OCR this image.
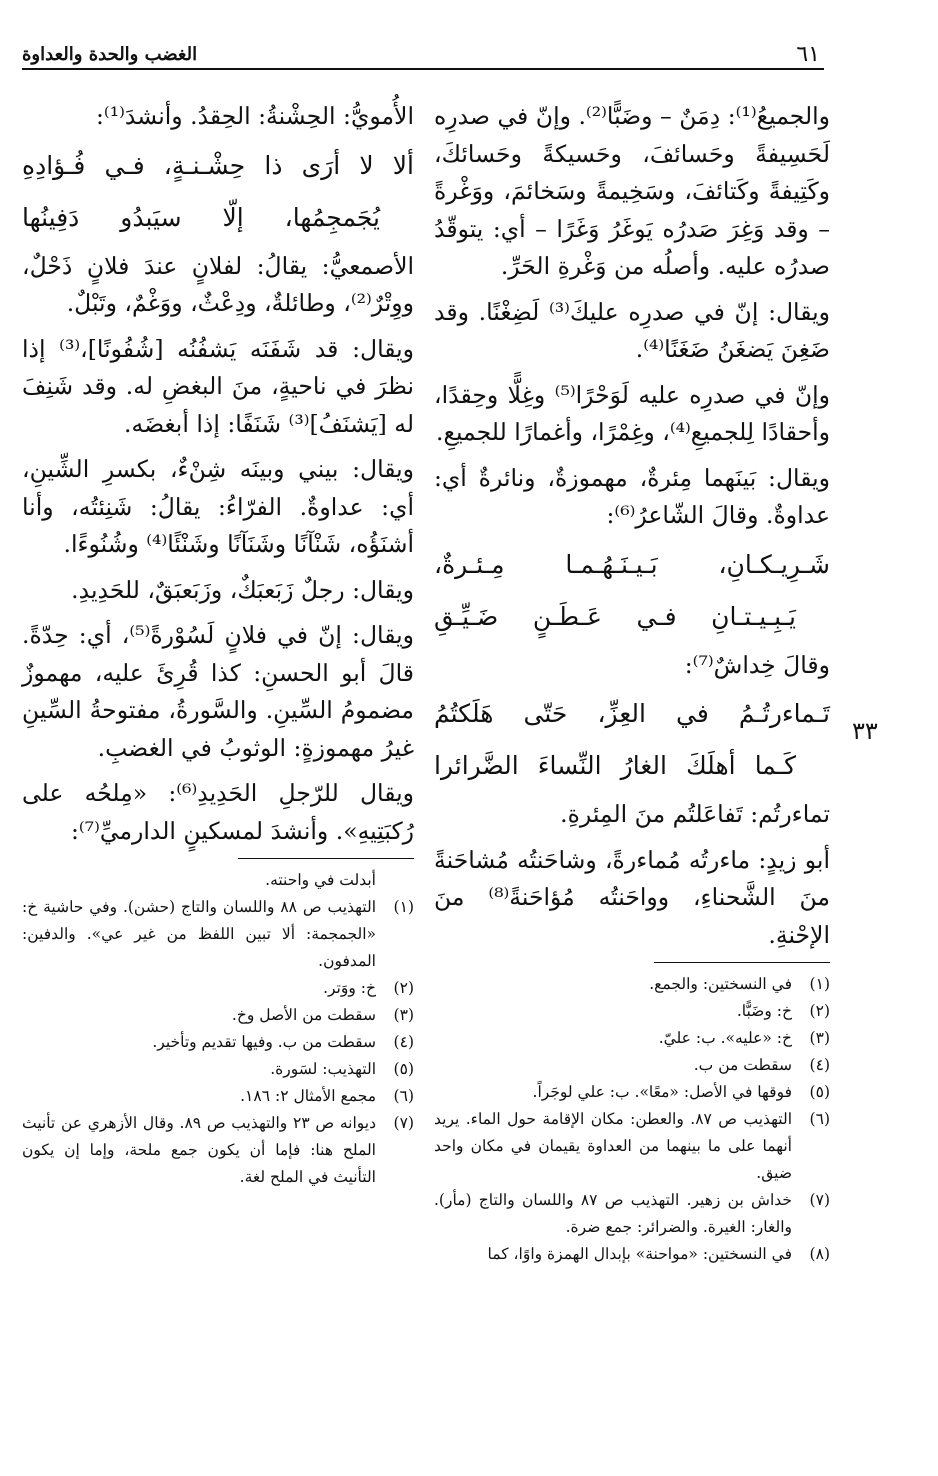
٦١
الغضب والحدة والعداوة
٣٣
والجميعُ⁽¹⁾: دِمَنٌ – وضَبًّا⁽²⁾. وإنّ في صدرِه لَحَسِيفةً وحَسائفَ، وحَسيكةً وحَسائكَ، وكَتِيفةً وكَتائفَ، وسَخِيمةً وسَخائمَ، ووَغْرةً – وقد وَغِرَ صَدرُه يَوغَرُ وَغَرًا – أي: يتوقّدُ صدرُه عليه. وأصلُه من وَغْرةِ الحَرِّ.
ويقال: إنّ في صدرِه عليكَ⁽³⁾ لَضِغْنًا. وقد ضَغِنَ يَضغَنُ ضَغَنًا⁽⁴⁾.
وإنّ في صدرِه عليه لَوَحْرًا⁽⁵⁾ وغِلًّا وحِقدًا، وأحقادًا لِلجميعِ⁽⁴⁾، وغِمْرًا، وأغمارًا للجميعِ.
ويقال: بَينَهما مِئرةٌ، مهموزةٌ، ونائرةٌ أي: عداوةٌ. وقالَ الشّاعرُ⁽⁶⁾:
شَـرِيـكـانِ، بَـيـنَـهُـمـا مِـئـرةٌ،
يَـبِـيـتـانِ فـي عَـطَـنٍ ضَـيِّـقِ
وقالَ خِداشٌ⁽⁷⁾:
تَـماءرتُـمُ في العِزِّ، حَتّى هَلَكتُمُ
كَـما أهلَكَ الغارُ النِّساءَ الضَّرائرا
تماءرتُم: تَفاعَلتُم منَ المِئرةِ.
أبو زيدٍ: ماءرتُه مُماءرةً، وشاحَنتُه مُشاحَنةً منَ الشَّحناءِ، وواحَنتُه مُؤاحَنةً⁽⁸⁾ منَ الإحْنةِ.
(١)
في النسختين: والجمع.
(٢)
خ: وضَبًّا.
(٣)
خ: «عليه». ب: عليّ.
(٤)
سقطت من ب.
(٥)
فوقها في الأصل: «معًا». ب: علي لوجَراً.
(٦)
التهذيب ص ٨٧. والعطن: مكان الإقامة حول الماء. يريد أنهما على ما بينهما من العداوة يقيمان في مكان واحد ضيق.
(٧)
خداش بن زهير. التهذيب ص ٨٧ واللسان والتاج (مأر). والغار: الغيرة. والضرائر: جمع ضرة.
(٨)
في النسختين: «مواحنة» بإبدال الهمزة واوًا، كما
الأُمويُّ: الحِشْنةُ: الحِقدُ. وأنشدَ⁽¹⁾:
ألا لا أرَى ذا حِشْـنـةٍ، فـي فُـؤادِهِ
يُجَمجِمُها، إلّا سيَبدُو دَفِينُها
الأصمعيُّ: يقالُ: لفلانٍ عندَ فلانٍ ذَحْلٌ، ووِتْرٌ⁽²⁾، وطائلةٌ، ودِعْثٌ، ووَغْمٌ، وتَبْلٌ.
ويقال: قد شَفَنَه يَشفُنُه [شُفُونًا]،⁽³⁾ إذا نظرَ في ناحيةٍ، منَ البغضِ له. وقد شَنِفَ له [يَشنَفُ]⁽³⁾ شَنَفًا: إذا أبغضَه.
ويقال: بيني وبينَه شِنْءٌ، بكسرِ الشِّينِ، أي: عداوةٌ. الفرّاءُ: يقالُ: شَنِئتُه، وأنا أشنَؤُه، شَنْآنًا وشَنَآنًا وشَنْئًا⁽⁴⁾ وشُنُوءًا.
ويقال: رجلٌ زَبَعبَكٌ، وزَبَعبَقٌ، للحَدِيدِ.
ويقال: إنّ في فلانٍ لَسُوْرةً⁽⁵⁾، أي: حِدّةً. قالَ أبو الحسنِ: كذا قُرِئَ عليه، مهموزٌ مضمومُ السِّينِ. والسَّورةُ، مفتوحةُ السِّينِ غيرُ مهموزةٍ: الوثوبُ في الغضبِ.
ويقال للرّجلِ الحَدِيدِ⁽⁶⁾: «مِلحُه على رُكبَتِيهِ». وأنشدَ لمسكينٍ الدارميِّ⁽⁷⁾:
أبدلت في واحنته.
(١)
التهذيب ص ٨٨ واللسان والتاج (حشن). وفي حاشية خ: «الجمجمة: ألا تبين اللفظ من غير عي». والدفين: المدفون.
(٢)
خ: ووَتر.
(٣)
سقطت من الأصل وخ.
(٤)
سقطت من ب. وفيها تقديم وتأخير.
(٥)
التهذيب: لسَورة.
(٦)
مجمع الأمثال ٢: ١٨٦.
(٧)
ديوانه ص ٢٣ والتهذيب ص ٨٩. وقال الأزهري عن تأنيث الملح هنا: فإما أن يكون جمع ملحة، وإما إن يكون التأنيث في الملح لغة.
